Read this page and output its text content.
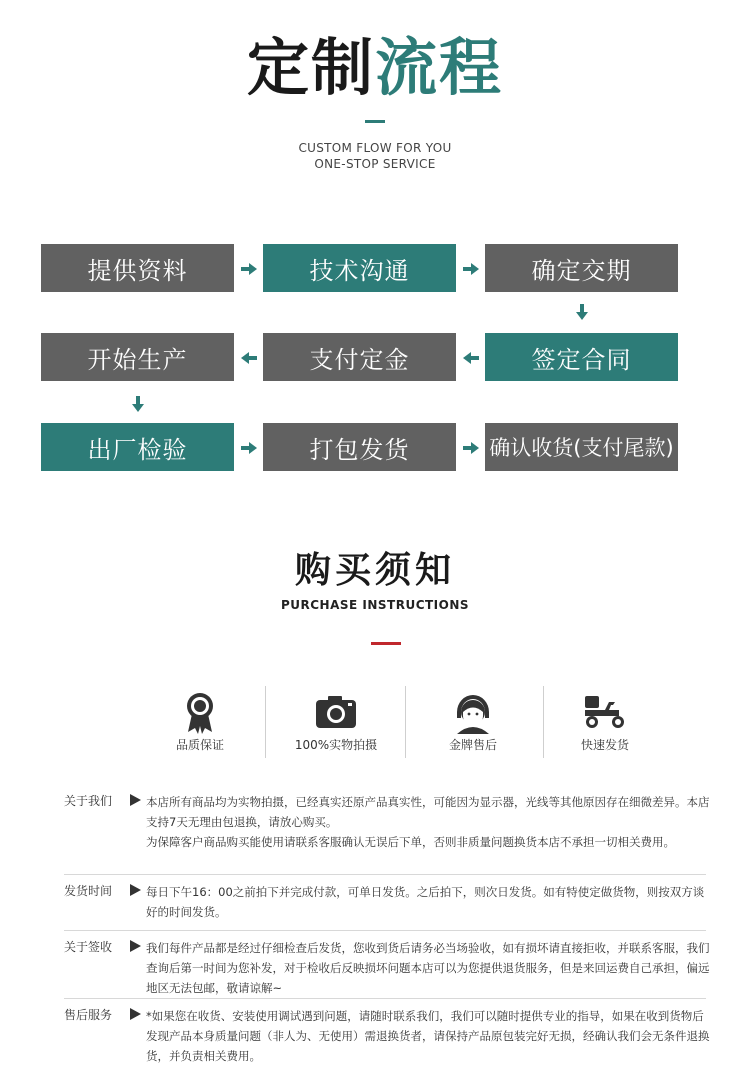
定制流程
CUSTOM FLOW FOR YOU
ONE-STOP SERVICE
提供资料	技术沟通	确定交期
开始生产	支付定金	签定合同
出厂检验	打包发货	确认收货(支付尾款)
购买须知
PURCHASE INSTRUCTIONS
品质保证	100%实物拍摄	金牌售后	快速发货
关于我们	本店所有商品均为实物拍摄，已经真实还原产品真实性，可能因为显示器，光线等其他原因存在细微差异。本店支持7天无理由包退换，请放心购买。

为保障客户商品购买能使用请联系客服确认无误后下单，否则非质量问题换货本店不承担一切相关费用。

发货时间	每日下午16：00之前拍下并完成付款，可单日发货。之后拍下，则次日发货。如有特使定做货物，则按双方谈好的时间发货。

关于签收	我们每件产品都是经过仔细检查后发货，您收到货后请务必当场验收，如有损坏请直接拒收，并联系客服，我们查询后第一时间为您补发，对于检收后反映损坏问题本店可以为您提供退货服务，但是来回运费自己承担，偏远地区无法包邮，敬请谅解~

售后服务	*如果您在收货、安装使用调试遇到问题，请随时联系我们，我们可以随时提供专业的指导，如果在收到货物后发现产品本身质量问题（非人为、无使用）需退换货者，请保持产品原包装完好无损，经确认我们会无条件退换货，并负责相关费用。
